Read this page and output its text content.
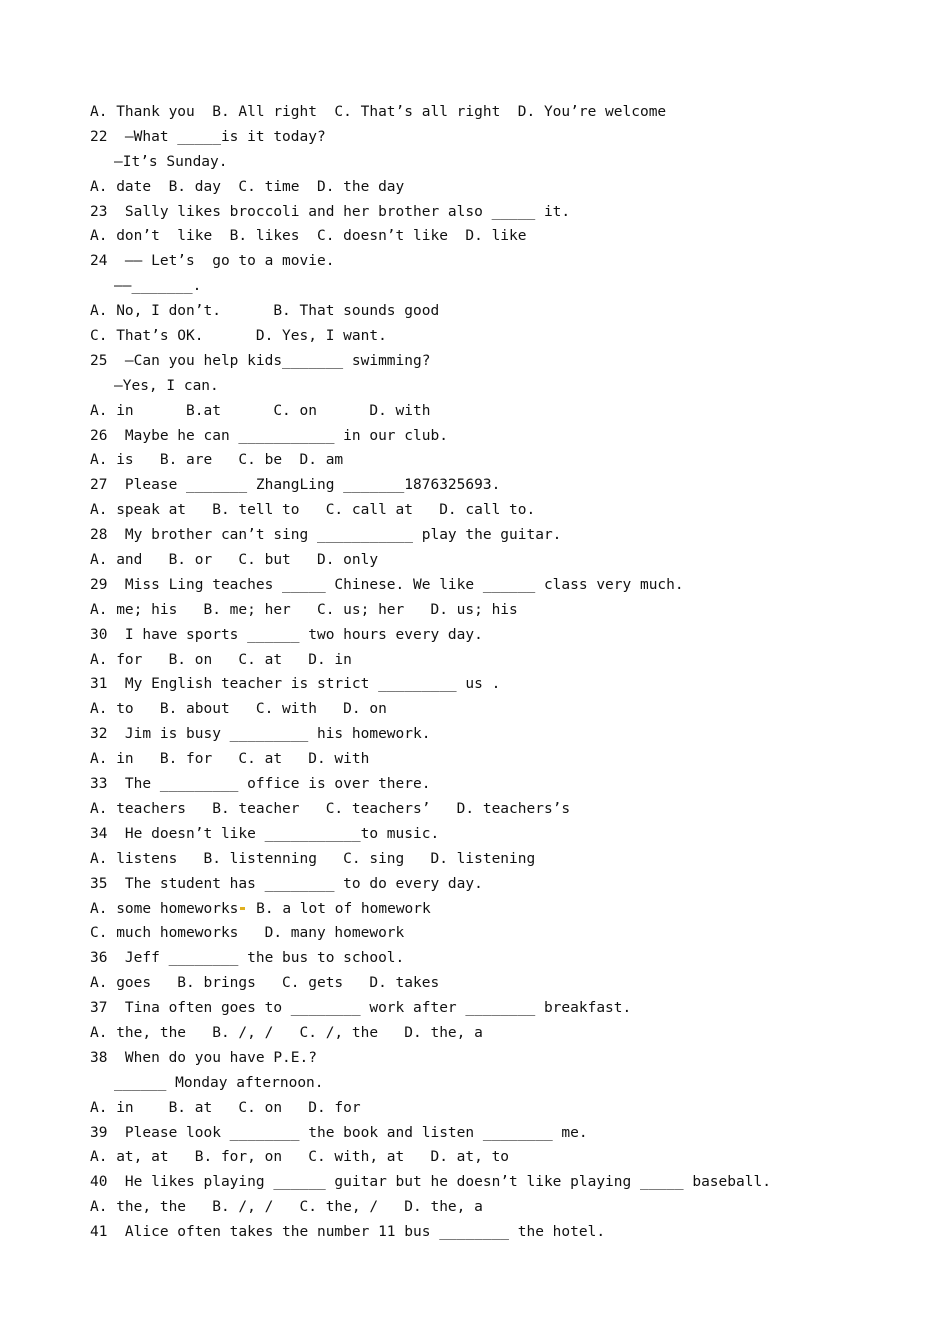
A. Thank you  B. All right  C. That’s all right  D. You’re welcome
22  —What _____is it today?
—It’s Sunday.
A. date  B. day  C. time  D. the day
23  Sally likes broccoli and her brother also _____ it.
A. don’t  like  B. likes  C. doesn’t like  D. like
24  —— Let’s  go to a movie.
——_______.
A. No, I don’t.      B. That sounds good
C. That’s OK.      D. Yes, I want.
25  —Can you help kids_______ swimming?
—Yes, I can.
A. in      B.at      C. on      D. with
26  Maybe he can ___________ in our club.
A. is   B. are   C. be  D. am
27  Please _______ ZhangLing _______1876325693.
A. speak at   B. tell to   C. call at   D. call to.
28  My brother can’t sing ___________ play the guitar.
A. and   B. or   C. but   D. only
29  Miss Ling teaches _____ Chinese. We like ______ class very much.
A. me; his   B. me; her   C. us; her   D. us; his
30  I have sports ______ two hours every day.
A. for   B. on   C. at   D. in
31  My English teacher is strict _________ us .
A. to   B. about   C. with   D. on
32  Jim is busy _________ his homework.
A. in   B. for   C. at   D. with
33  The _________ office is over there.
A. teachers   B. teacher   C. teachers’   D. teachers’s
34  He doesn’t like ___________to music.
A. listens   B. listenning   C. sing   D. listening
35  The student has ________ to do every day.
A. some homeworks B. a lot of homework
C. much homeworks   D. many homework
36  Jeff ________ the bus to school.
A. goes   B. brings   C. gets   D. takes
37  Tina often goes to ________ work after ________ breakfast.
A. the, the   B. /, /   C. /, the   D. the, a
38  When do you have P.E.?
______ Monday afternoon.
A. in    B. at   C. on   D. for
39  Please look ________ the book and listen ________ me.
A. at, at   B. for, on   C. with, at   D. at, to
40  He likes playing ______ guitar but he doesn’t like playing _____ baseball.
A. the, the   B. /, /   C. the, /   D. the, a
41  Alice often takes the number 11 bus ________ the hotel.
